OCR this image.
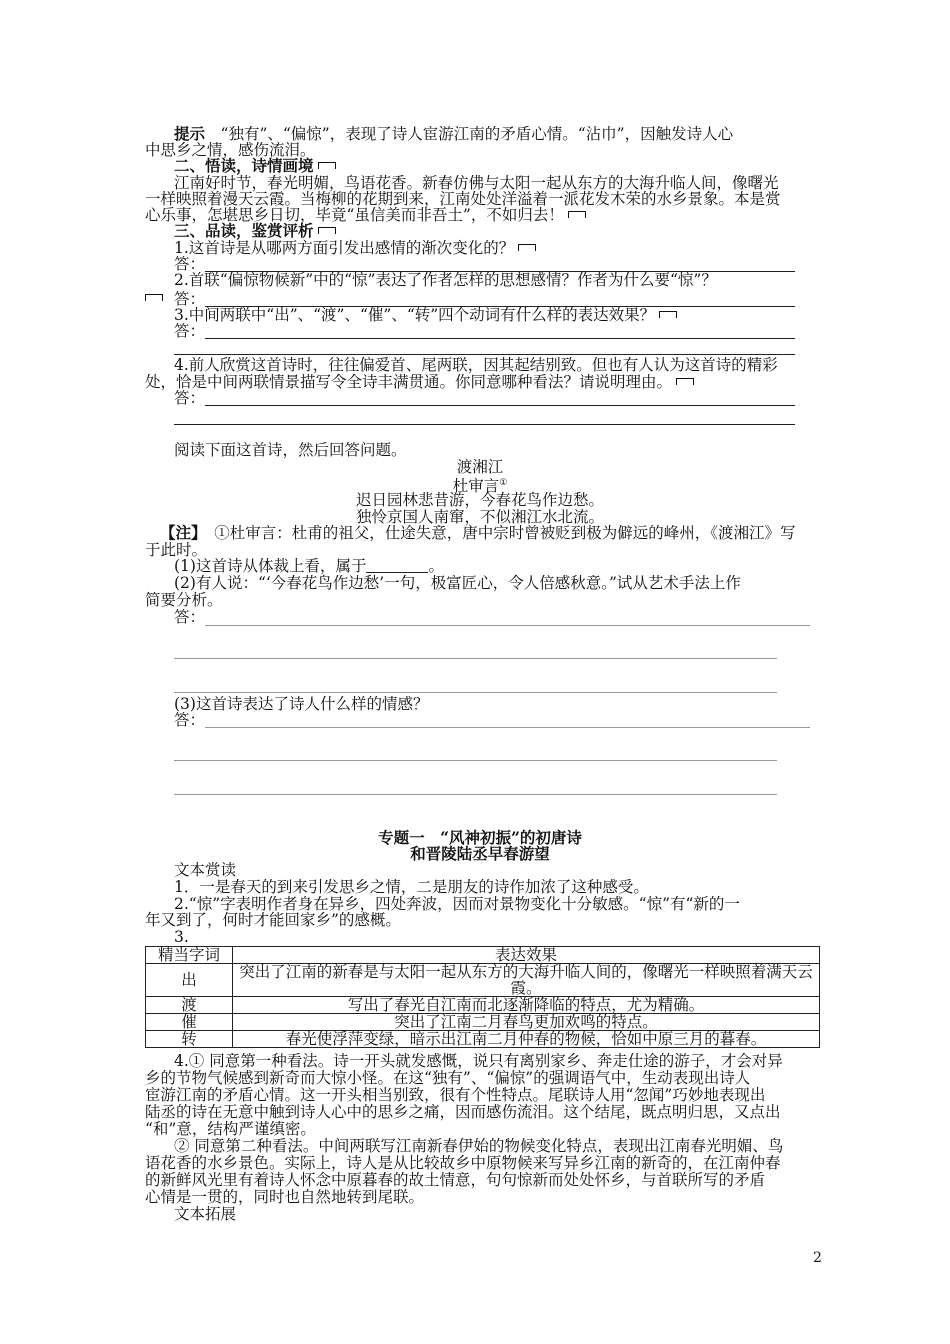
提示　 “独有”、“偏惊”，表现了诗人宦游江南的矛盾心情。“沾巾”，因触发诗人心
中思乡之情，感伤流泪。
二、悟读，诗情画境
江南好时节，春光明媚，鸟语花香。新春仿佛与太阳一起从东方的大海升临人间，像曙光
一样映照着漫天云霞。当梅柳的花期到来，江南处处洋溢着一派花发木荣的水乡景象。本是赏
心乐事，怎堪思乡日切，毕竟“虽信美而非吾土”，不如归去！
三、品读，鉴赏评析
1.这首诗是从哪两方面引发出感情的渐次变化的？
答：
2.首联“偏惊物候新”中的“惊”表达了作者怎样的思想感情？作者为什么要“惊”？
答：
3.中间两联中“出”、“渡”、“催”、“转”四个动词有什么样的表达效果？
答：
4.前人欣赏这首诗时，往往偏爱首、尾两联，因其起结别致。但也有人认为这首诗的精彩
处，恰是中间两联情景描写令全诗丰满贯通。你同意哪种看法？请说明理由。
答：
阅读下面这首诗，然后回答问题。
渡湘江
杜审言①
迟日园林悲昔游，今春花鸟作边愁。
独怜京国人南窜，不似湘江水北流。
【注】　 ①杜审言：杜甫的祖父，仕途失意，唐中宗时曾被贬到极为僻远的峰州，《渡湘江》写
于此时。
(1)这首诗从体裁上看，属于	。
(2)有人说：“‘今春花鸟作边愁’一句，极富匠心，令人倍感秋意。”试从艺术手法上作
简要分析。
答：
(3)这首诗表达了诗人什么样的情感？
答：
专题一　“风神初振”的初唐诗
和晋陵陆丞早春游望
文本赏读
1．一是春天的到来引发思乡之情，二是朋友的诗作加浓了这种感受。
2.“惊”字表明作者身在异乡，四处奔波，因而对景物变化十分敏感。“惊”有“新的一
年又到了，何时才能回家乡”的感概。
3.
精当字词	表达效果
出	突出了江南的新春是与太阳一起从东方的大海升临人间的，像曙光一样映照着满天云霞。
渡	写出了春光自江南而北逐渐降临的特点，尤为精确。
催	突出了江南二月春鸟更加欢鸣的特点。
转	春光使浮萍变绿，暗示出江南二月仲春的物候，恰如中原三月的暮春。
4.① 同意第一种看法。诗一开头就发感慨，说只有离别家乡、奔走仕途的游子，才会对异
乡的节物气候感到新奇而大惊小怪。在这“独有”、“偏惊”的强调语气中，生动表现出诗人
宦游江南的矛盾心情。这一开头相当别致，很有个性特点。尾联诗人用“忽闻”巧妙地表现出
陆丞的诗在无意中触到诗人心中的思乡之痛，因而感伤流泪。这个结尾，既点明归思，又点出
“和”意，结构严谨缜密。
② 同意第二种看法。中间两联写江南新春伊始的物候变化特点，表现出江南春光明媚、鸟
语花香的水乡景色。实际上，诗人是从比较故乡中原物候来写异乡江南的新奇的，在江南仲春
的新鲜风光里有着诗人怀念中原暮春的故土情意，句句惊新而处处怀乡，与首联所写的矛盾
心情是一贯的，同时也自然地转到尾联。
文本拓展
2
